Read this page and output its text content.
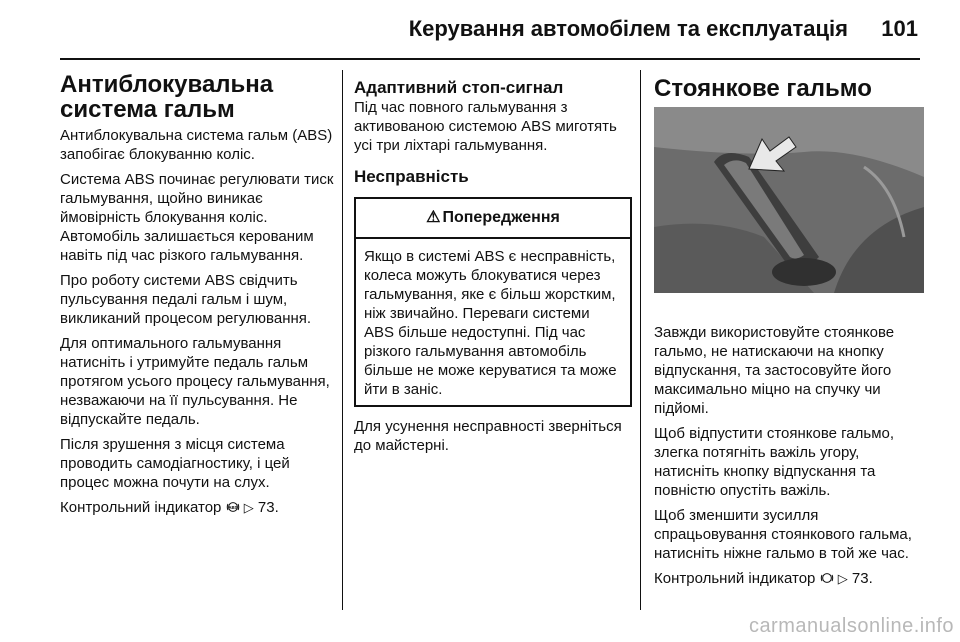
Керування автомобілем та експлуатація 101
Антиблокувальна система гальм

Антиблокувальна система гальм (ABS) запобігає блокуванню коліс.

Система ABS починає регулювати тиск гальмування, щойно виникає ймовірність блокування коліс. Автомобіль залишається керованим навіть під час різкого гальмування.

Про роботу системи ABS свідчить пульсування педалі гальм і шум, викликаний процесом регулювання.

Для оптимального гальмування натисніть і утримуйте педаль гальм протягом усього процесу гальмування, незважаючи на її пульсування. Не відпускайте педаль.

Після зрушення з місця система проводить самодіагностику, і цей процес можна почути на слух.

Контрольний індикатор ABS ▷ 73.

Адаптивний стоп-сигнал

Під час повного гальмування з активованою системою ABS миготять усі три ліхтарі гальмування.

Несправність
⚠ Попередження

Якщо в системі ABS є несправність, колеса можуть блокуватися через гальмування, яке є більш жорстким, ніж звичайно. Переваги системи ABS більше недоступні. Під час різкого гальмування автомобіль більше не може керуватися та може йти в заніс.

Для усунення несправності зверніться до майстерні.

Стоянкове гальмо

Завжди використовуйте стоянкове гальмо, не натискаючи на кнопку відпускання, та застосовуйте його максимально міцно на спучку чи підйомі.

Щоб відпустити стоянкове гальмо, злегка потягніть важіль угору, натисніть кнопку відпускання та повністю опустіть важіль.

Щоб зменшити зусилля спрацьовування стоянкового гальма, натисніть ніжне гальмо в той же час.

Контрольний індикатор ▷ 73.

carmanualsonline.info
